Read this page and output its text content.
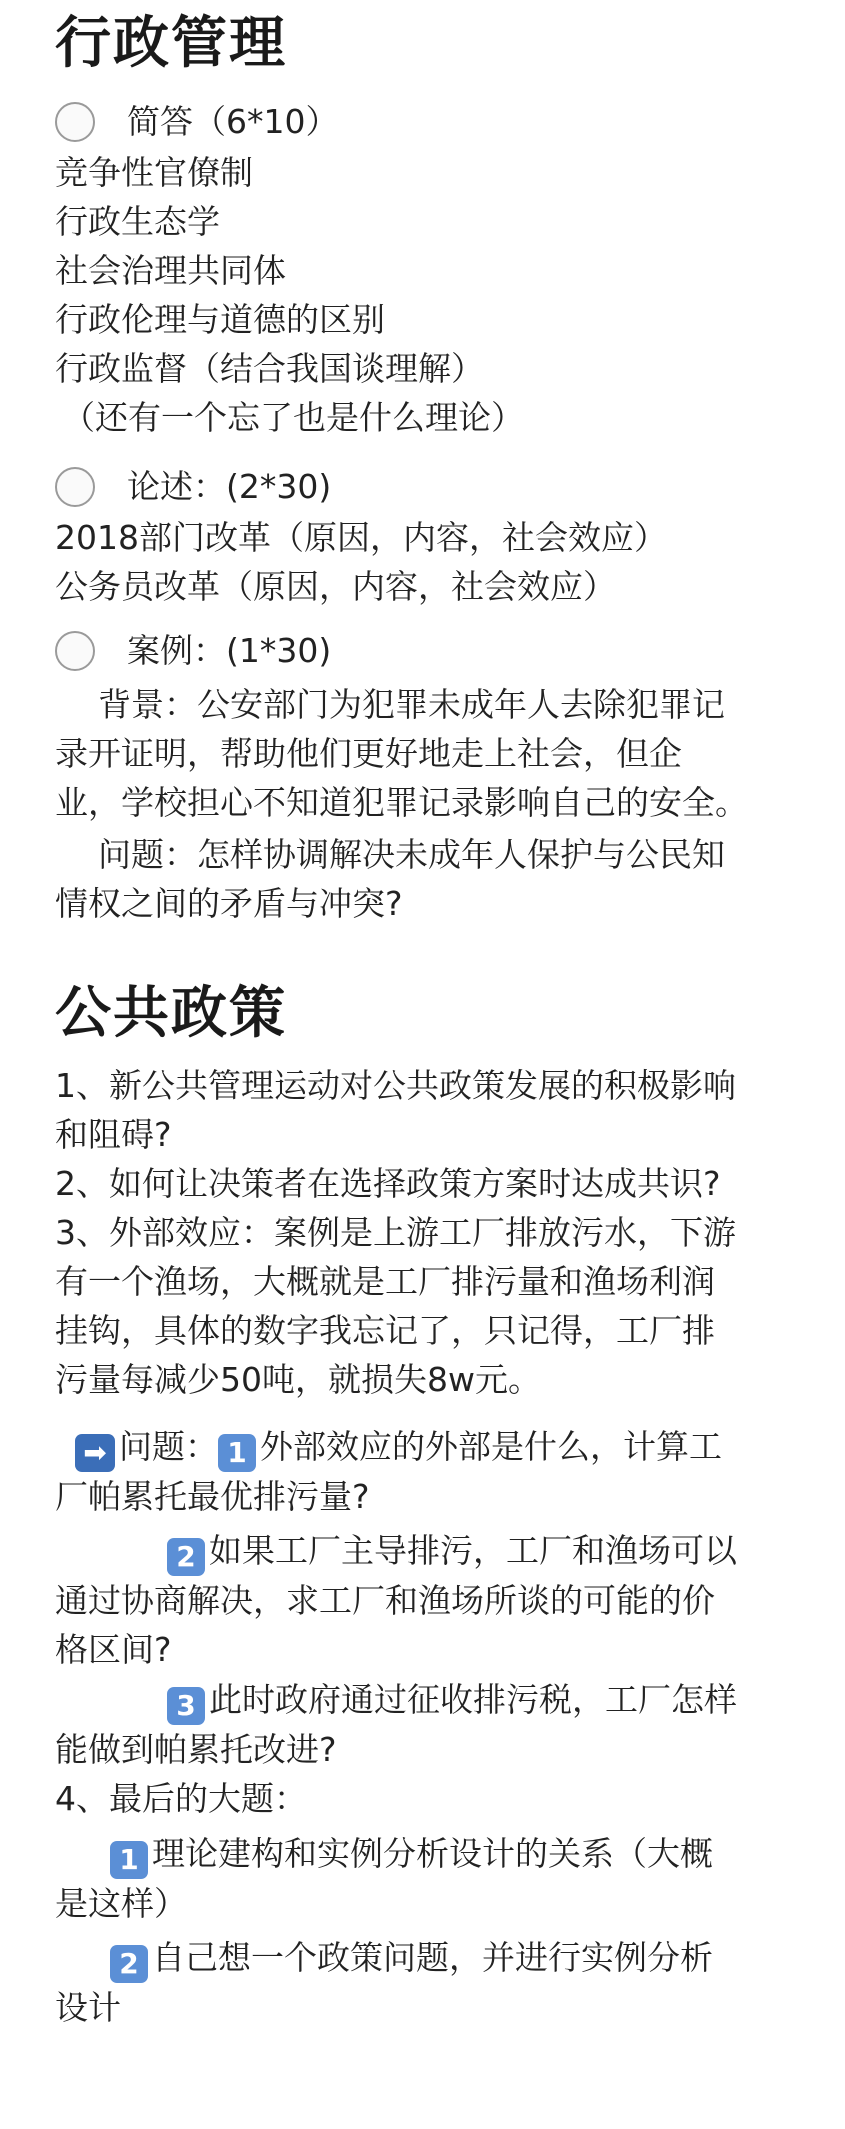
行政管理
简答（6*10）
竞争性官僚制
行政生态学
社会治理共同体
行政伦理与道德的区别
行政监督（结合我国谈理解）
（还有一个忘了也是什么理论）
论述：(2*30)
2018部门改革（原因，内容，社会效应）
公务员改革（原因，内容，社会效应）
案例：(1*30)
背景：公安部门为犯罪未成年人去除犯罪记
录开证明，帮助他们更好地走上社会，但企
业，学校担心不知道犯罪记录影响自己的安全。
问题：怎样协调解决未成年人保护与公民知
情权之间的矛盾与冲突?
公共政策
1、新公共管理运动对公共政策发展的积极影响
和阻碍?
2、如何让决策者在选择政策方案时达成共识?
3、外部效应：案例是上游工厂排放污水，下游
有一个渔场，大概就是工厂排污量和渔场利润
挂钩，具体的数字我忘记了，只记得，工厂排
污量每减少50吨，就损失8w元。
➡ 问题： 1 外部效应的外部是什么，计算工
厂帕累托最优排污量?
2 如果工厂主导排污，工厂和渔场可以
通过协商解决，求工厂和渔场所谈的可能的价
格区间?
3 此时政府通过征收排污税，工厂怎样
能做到帕累托改进?
4、最后的大题：
1 理论建构和实例分析设计的关系（大概
是这样）
2 自己想一个政策问题，并进行实例分析
设计
